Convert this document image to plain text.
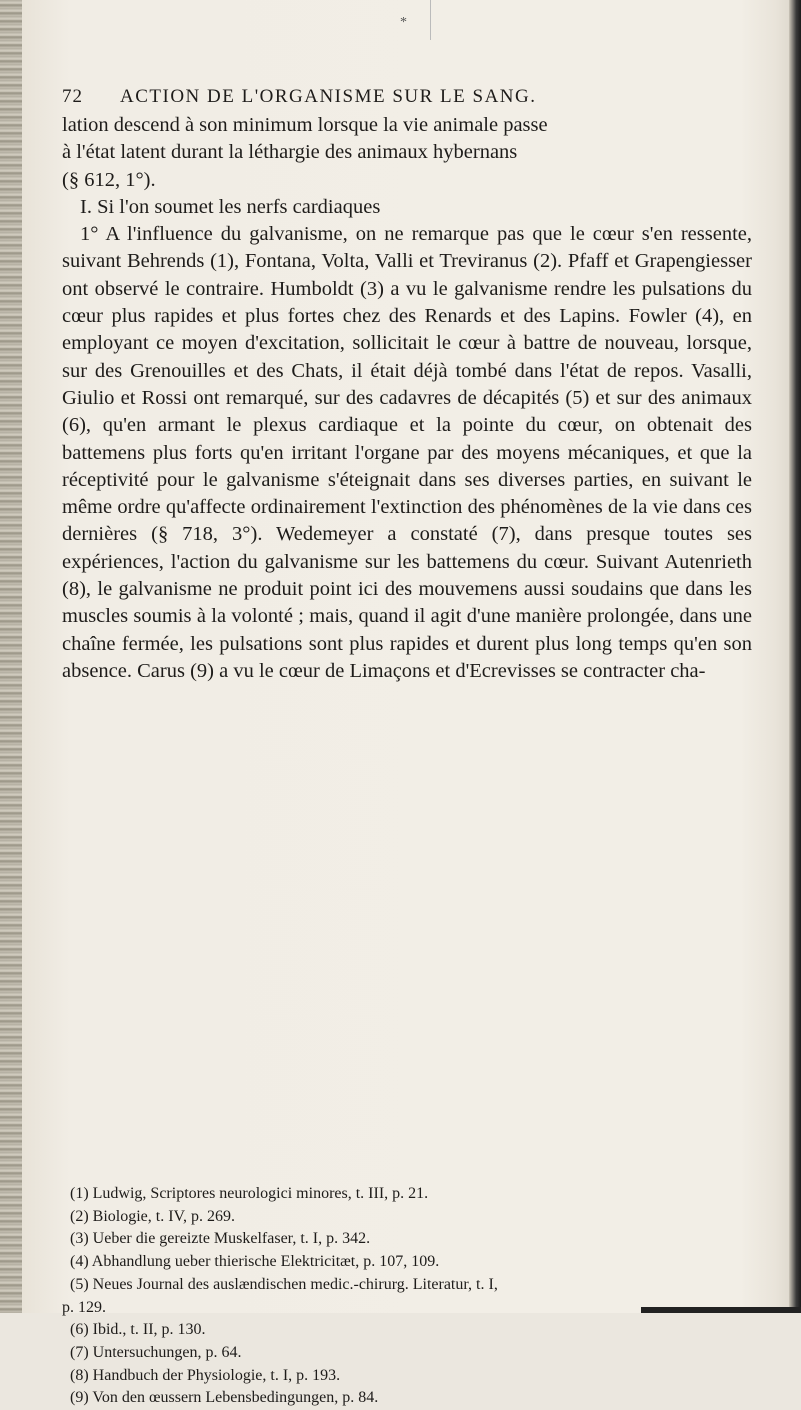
*
72 ACTION DE L'ORGANISME SUR LE SANG.

lation descend à son minimum lorsque la vie animale passe
à l'état latent durant la léthargie des animaux hybernans
(§ 612, 1°).

I. Si l'on soumet les nerfs cardiaques

1° A l'influence du galvanisme, on ne remarque pas que le cœur s'en ressente, suivant Behrends (1), Fontana, Volta, Valli et Treviranus (2). Pfaff et Grapengiesser ont observé le contraire. Humboldt (3) a vu le galvanisme rendre les pulsations du cœur plus rapides et plus fortes chez des Renards et des Lapins. Fowler (4), en employant ce moyen d'excitation, sollicitait le cœur à battre de nouveau, lorsque, sur des Grenouilles et des Chats, il était déjà tombé dans l'état de repos. Vasalli, Giulio et Rossi ont remarqué, sur des cadavres de décapités (5) et sur des animaux (6), qu'en armant le plexus cardiaque et la pointe du cœur, on obtenait des battemens plus forts qu'en irritant l'organe par des moyens mécaniques, et que la réceptivité pour le galvanisme s'éteignait dans ses diverses parties, en suivant le même ordre qu'affecte ordinairement l'extinction des phénomènes de la vie dans ces dernières (§ 718, 3°). Wedemeyer a constaté (7), dans presque toutes ses expériences, l'action du galvanisme sur les battemens du cœur. Suivant Autenrieth (8), le galvanisme ne produit point ici des mouvemens aussi soudains que dans les muscles soumis à la volonté ; mais, quand il agit d'une manière prolongée, dans une chaîne fermée, les pulsations sont plus rapides et durent plus long temps qu'en son absence. Carus (9) a vu le cœur de Limaçons et d'Ecrevisses se contracter cha-

(1) Ludwig, Scriptores neurologici minores, t. III, p. 21.
(2) Biologie, t. IV, p. 269.
(3) Ueber die gereizte Muskelfaser, t. I, p. 342.
(4) Abhandlung ueber thierische Elektricitæt, p. 107, 109.
(5) Neues Journal des auslændischen medic.-chirurg. Literatur, t. I,
p. 129.
(6) Ibid., t. II, p. 130.
(7) Untersuchungen, p. 64.
(8) Handbuch der Physiologie, t. I, p. 193.
(9) Von den œussern Lebensbedingungen, p. 84.
